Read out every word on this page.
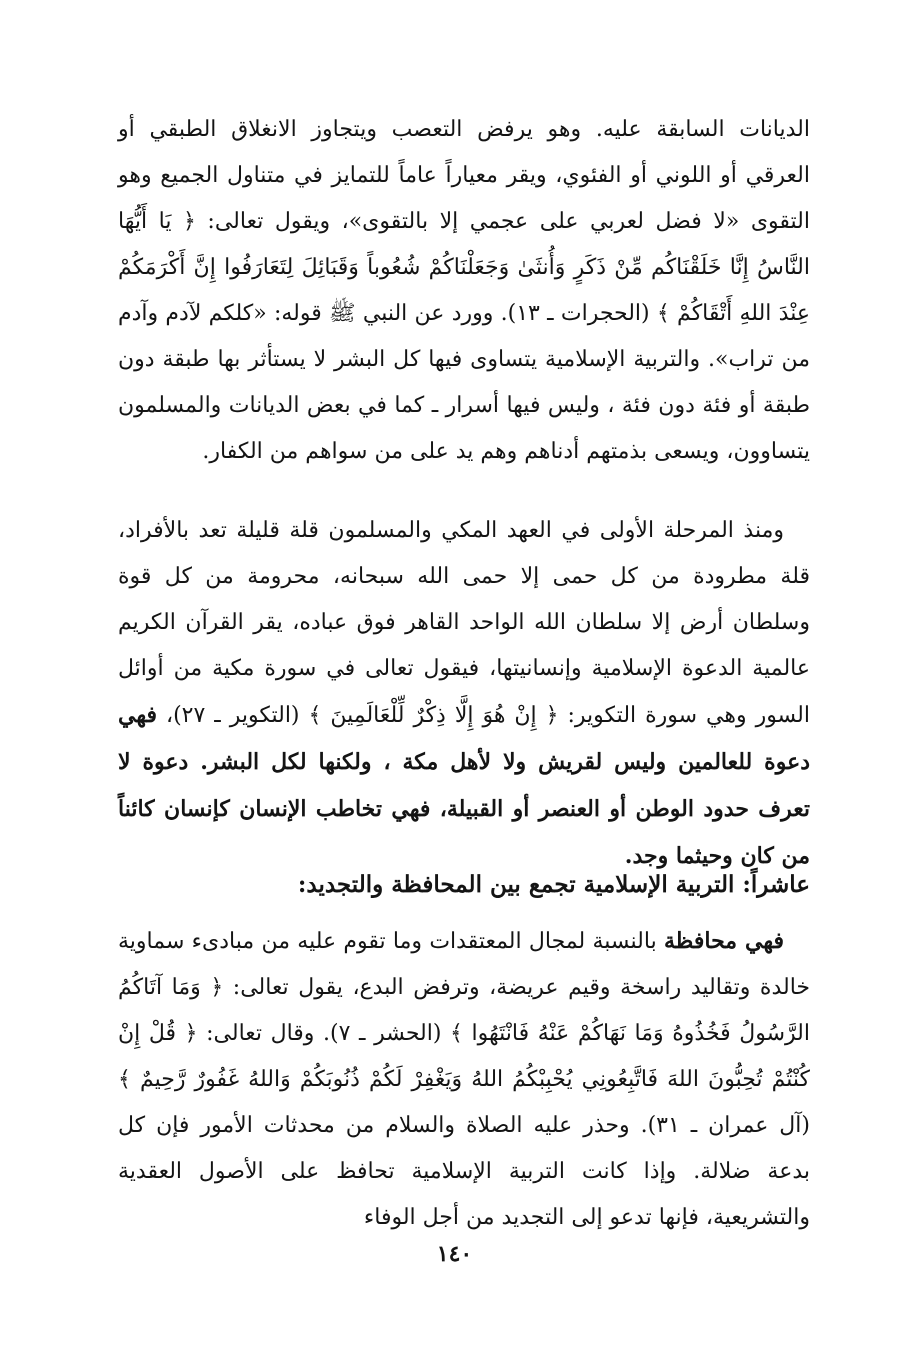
الديانات السابقة عليه. وهو يرفض التعصب ويتجاوز الانغلاق الطبقي أو العرقي أو اللوني أو الفئوي، ويقر معياراً عاماً للتمايز في متناول الجميع وهو التقوى «لا فضل لعربي على عجمي إلا بالتقوى»، ويقول تعالى: ﴿ يَا أَيُّهَا النَّاسُ إِنَّا خَلَقْنَاكُم مِّنْ ذَكَرٍ وَأُنثَىٰ وَجَعَلْنَاكُمْ شُعُوباً وَقَبَائِلَ لِتَعَارَفُوا إِنَّ أَكْرَمَكُمْ عِنْدَ اللهِ أَتْقَاكُمْ ﴾ (الحجرات ـ ١٣). وورد عن النبي ﷺ قوله: «كلكم لآدم وآدم من تراب». والتربية الإسلامية يتساوى فيها كل البشر لا يستأثر بها طبقة دون طبقة أو فئة دون فئة ، وليس فيها أسرار ـ كما في بعض الديانات والمسلمون يتساوون، ويسعى بذمتهم أدناهم وهم يد على من سواهم من الكفار.

ومنذ المرحلة الأولى في العهد المكي والمسلمون قلة قليلة تعد بالأفراد، قلة مطرودة من كل حمى إلا حمى الله سبحانه، محرومة من كل قوة وسلطان أرض إلا سلطان الله الواحد القاهر فوق عباده، يقر القرآن الكريم عالمية الدعوة الإسلامية وإنسانيتها، فيقول تعالى في سورة مكية من أوائل السور وهي سورة التكوير: ﴿ إِنْ هُوَ إِلَّا ذِكْرٌ لِّلْعَالَمِينَ ﴾ (التكوير ـ ٢٧)، فهي دعوة للعالمين وليس لقريش ولا لأهل مكة ، ولكنها لكل البشر. دعوة لا تعرف حدود الوطن أو العنصر أو القبيلة، فهي تخاطب الإنسان كإنسان كائناً من كان وحيثما وجد.

عاشراً: التربية الإسلامية تجمع بين المحافظة والتجديد:

فهي محافظة بالنسبة لمجال المعتقدات وما تقوم عليه من مبادىء سماوية خالدة وتقاليد راسخة وقيم عريضة، وترفض البدع، يقول تعالى: ﴿ وَمَا آتَاكُمُ الرَّسُولُ فَخُذُوهُ وَمَا نَهَاكُمْ عَنْهُ فَانْتَهُوا ﴾ (الحشر ـ ٧). وقال تعالى: ﴿ قُلْ إِنْ كُنْتُمْ تُحِبُّونَ اللهَ فَاتَّبِعُونِي يُحْبِبْكُمُ اللهُ وَيَغْفِرْ لَكُمْ ذُنُوبَكُمْ وَاللهُ غَفُورٌ رَّحِيمٌ ﴾ (آل عمران ـ ٣١). وحذر عليه الصلاة والسلام من محدثات الأمور فإن كل بدعة ضلالة. وإذا كانت التربية الإسلامية تحافظ على الأصول العقدية والتشريعية، فإنها تدعو إلى التجديد من أجل الوفاء

١٤٠
